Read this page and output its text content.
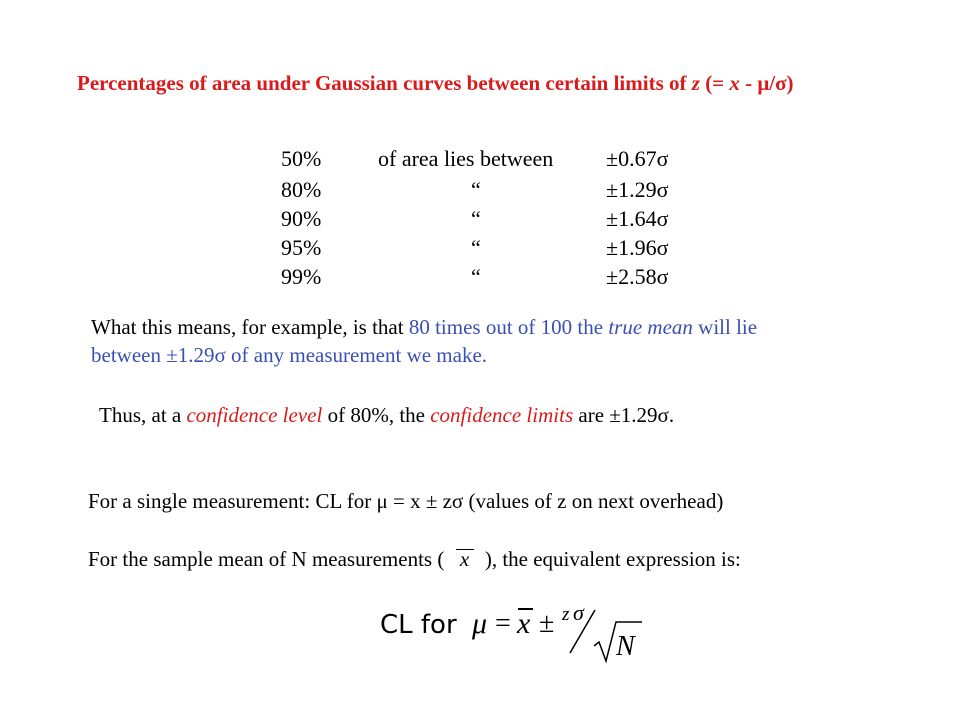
Percentages of area under Gaussian curves between certain limits of z (= x - μ/σ)
50%	of area lies between ±0.67σ
80%	“	±1.29σ
90%	“	±1.64σ
95%	“	±1.96σ
99%	“	±2.58σ
What this means, for example, is that 80 times out of 100 the true mean will lie
between ±1.29σ of any measurement we make.
Thus, at a confidence level of 80%, the confidence limits are ±1.29σ.
For a single measurement: CL for μ = x ± zσ (values of z on next overhead)
For the sample mean of N measurements ( x ), the equivalent expression is:
CL for μ = x ± z σ
N
